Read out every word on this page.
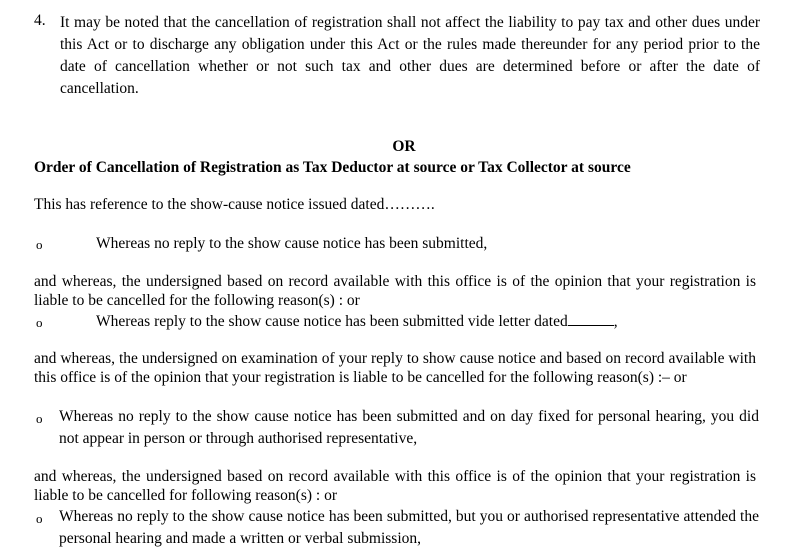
4. It may be noted that the cancellation of registration shall not affect the liability to pay tax and other dues under this Act or to discharge any obligation under this Act or the rules made thereunder for any period prior to the date of cancellation whether or not such tax and other dues are determined before or after the date of cancellation.
OR
Order of Cancellation of Registration as Tax Deductor at source or Tax Collector at source
This has reference to the show-cause notice issued dated……….
o	Whereas no reply to the show cause notice has been submitted,
and whereas, the undersigned based on record available with this office is of the opinion that your registration is liable to be cancelled for the following reason(s) : or
o	Whereas reply to the show cause notice has been submitted vide letter dated	,
and whereas, the undersigned on examination of your reply to show cause notice and based on record available with this office is of the opinion that your registration is liable to be cancelled for the following reason(s) :– or
o Whereas no reply to the show cause notice has been submitted and on day fixed for personal hearing, you did not appear in person or through authorised representative,
and whereas, the undersigned based on record available with this office is of the opinion that your registration is liable to be cancelled for following reason(s) : or
o Whereas no reply to the show cause notice has been submitted, but you or authorised representative attended the personal hearing and made a written or verbal submission,
